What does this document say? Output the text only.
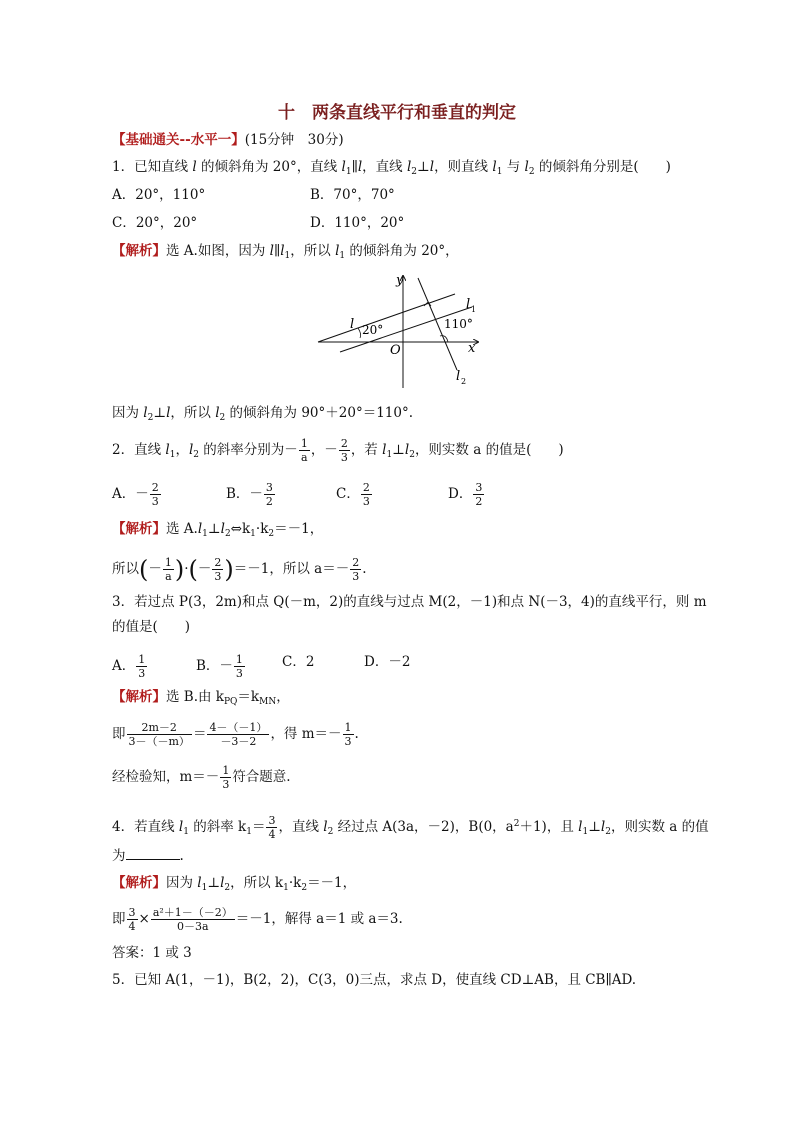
十　两条直线平行和垂直的判定
【基础通关--水平一】(15分钟　30分)
1．已知直线 l 的倾斜角为 20°，直线 $l_1\parallel l$，直线 $l_2\perp l$，则直线 $l_1$ 与 $l_2$ 的倾斜角分别是(　　)
A．20°，110°	B．70°，70°
C．20°，20°	D．110°，20°
【解析】选 A.如图，因为 $l\parallel l_1$，所以 $l_1$ 的倾斜角为 20°，
y
x
O
l 20°	110°
l 1
l 2
因为 $l_2\perp l$，所以 $l_2$ 的倾斜角为 90°＋20°＝110°.
2．直线 $l_1$，$l_2$ 的斜率分别为－ $\frac{1}{a}$ ，－ $\frac{2}{3}$ ，若 $l_1\perp l_2$，则实数 a 的值是(　　)
A．－ $\frac{2}{3}$	B．－ $\frac{3}{2}$	C． $\frac{2}{3}$	D． $\frac{3}{2}$
【解析】选 $A.l_1\perp l_2\Leftrightarrow k_1\cdot k_2=-1$，
所以(－ $\frac{1}{a}$ )·(－ $\frac{2}{3} )=-1$，所以 $a=- \frac{2}{3}$ .
3．若过点 P(3，2m)和点 Q(－m，2)的直线与过点 M(2，－1)和点 N(－3，4)的直线平行，则 m
的值是(　　)
A． $\frac{1}{3}$	B．－ $\frac{1}{3}$	C．2	D．－2
【解析】选 B.由 $k_{PQ}=k_{MN}$，
即 $\frac{2m-2}{3-(-m)} = \frac{4-(-1)}{-3-2}$ ，得 $m=- \frac{1}{3}$ .
经检验知，$m=- \frac{1}{3}$ 符合题意.
4．若直线 $l_1$ 的斜率 $k_1= \frac{3}{4}$ ，直线 $l_2$ 经过点 A(3a，－2)，B(0，$a^2+1$)，且 $l_1\perp l_2$，则实数 a 的值
为	.
【解析】因为 $l_1\perp l_2$，所以 $k_1\cdot k_2=-1$，
即 $\frac{3}{4} \times \frac{\text{a²＋1－（－2）}}{0-3a} =-1$，解得 a＝1 或 a＝3.
答案：1 或 3
5．已知 A(1，－1)，B(2，2)，C(3，0)三点，求点 D，使直线 CD⊥AB，且 CB∥AD.
